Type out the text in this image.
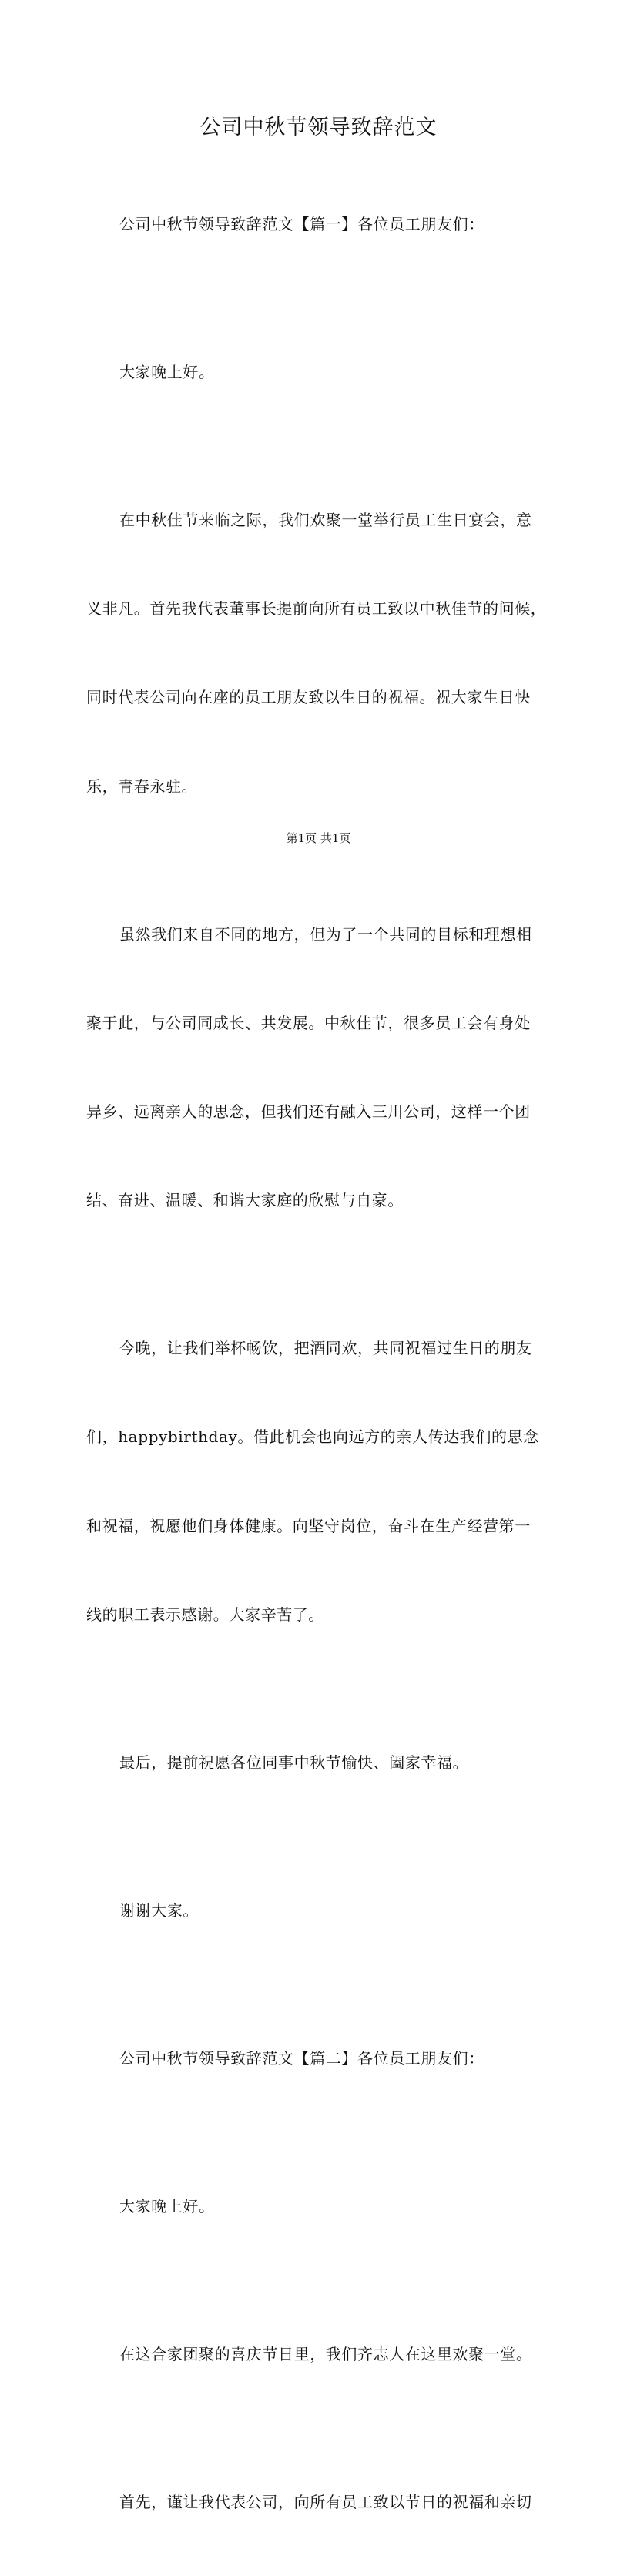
公司中秋节领导致辞范文

公司中秋节领导致辞范文【篇一】各位员工朋友们：

大家晚上好。

在中秋佳节来临之际，我们欢聚一堂举行员工生日宴会，意

义非凡。首先我代表董事长提前向所有员工致以中秋佳节的问候，

同时代表公司向在座的员工朋友致以生日的祝福。祝大家生日快

乐，青春永驻。

虽然我们来自不同的地方，但为了一个共同的目标和理想相

聚于此，与公司同成长、共发展。中秋佳节，很多员工会有身处

异乡、远离亲人的思念，但我们还有融入三川公司，这样一个团

结、奋进、温暖、和谐大家庭的欣慰与自豪。

今晚，让我们举杯畅饮，把酒同欢，共同祝福过生日的朋友

们，happybirthday。借此机会也向远方的亲人传达我们的思念

和祝福，祝愿他们身体健康。向坚守岗位，奋斗在生产经营第一

线的职工表示感谢。大家辛苦了。

最后，提前祝愿各位同事中秋节愉快、阖家幸福。

谢谢大家。

公司中秋节领导致辞范文【篇二】各位员工朋友们：

大家晚上好。

在这合家团聚的喜庆节日里，我们齐志人在这里欢聚一堂。

首先，谨让我代表公司，向所有员工致以节日的祝福和亲切

第1页 共1页
